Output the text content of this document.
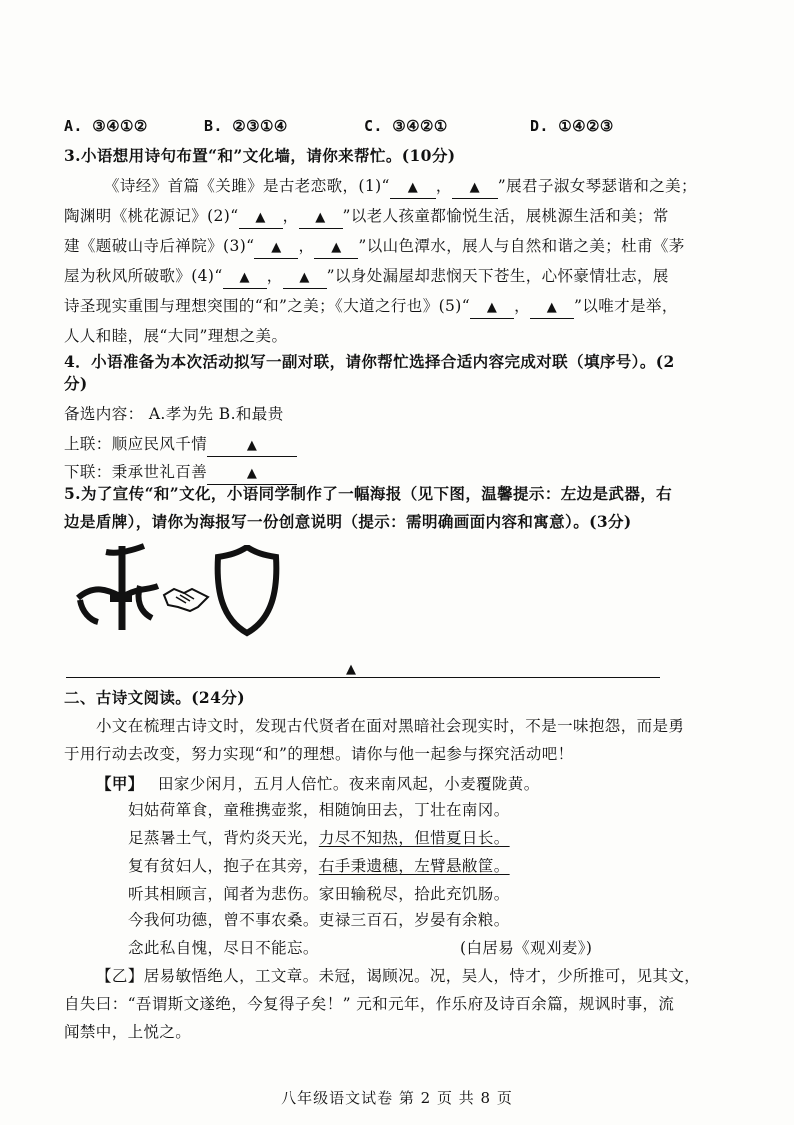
A. ③④①②	B. ②③①④	C. ③④②①	D. ①④②③
3.小语想用诗句布置“和”文化墙，请你来帮忙。(10分)
《诗经》首篇《关雎》是古老恋歌，(1)“ ▲ ， ▲ ”展君子淑女琴瑟谐和之美；
陶渊明《桃花源记》(2)“ ▲ ， ▲ ”以老人孩童都愉悦生活，展桃源生活和美；常
建《题破山寺后禅院》(3)“ ▲ ， ▲ ”以山色潭水，展人与自然和谐之美；杜甫《茅
屋为秋风所破歌》(4)“ ▲ ， ▲ ”以身处漏屋却悲悯天下苍生，心怀豪情壮志，展
诗圣现实重围与理想突围的“和”之美；《大道之行也》(5)“ ▲ ， ▲ ”以唯才是举，
人人和睦，展“大同”理想之美。
4．小语准备为本次活动拟写一副对联，请你帮忙选择合适内容完成对联（填序号）。(2
分)
备选内容： A.孝为先 B.和最贵
上联：顺应民风千情	▲
下联：秉承世礼百善	▲
5.为了宣传“和”文化，小语同学制作了一幅海报（见下图，温馨提示：左边是武器，右
边是盾牌），请你为海报写一份创意说明（提示：需明确画面内容和寓意）。(3分)
▲
二、古诗文阅读。(24分)
小文在梳理古诗文时，发现古代贤者在面对黑暗社会现实时，不是一味抱怨，而是勇
于用行动去改变，努力实现“和”的理想。请你与他一起参与探究活动吧！
【甲】 田家少闲月，五月人倍忙。夜来南风起，小麦覆陇黄。
妇姑荷箪食，童稚携壶浆，相随饷田去，丁壮在南冈。
足蒸暑土气，背灼炎天光，力尽不知热，但惜夏日长。
复有贫妇人，抱子在其旁，右手秉遗穗，左臂悬敝筐。
听其相顾言，闻者为悲伤。家田输税尽，拾此充饥肠。
今我何功德，曾不事农桑。吏禄三百石，岁晏有余粮。
念此私自愧，尽日不能忘。	(白居易《观刈麦》)
【乙】居易敏悟绝人，工文章。未冠，谒顾况。况，吴人，恃才，少所推可，见其文，
自失曰：“吾谓斯文遂绝，今复得子矣！” 元和元年，作乐府及诗百余篇，规讽时事，流
闻禁中，上悦之。
八年级语文试卷 第 2 页 共 8 页
